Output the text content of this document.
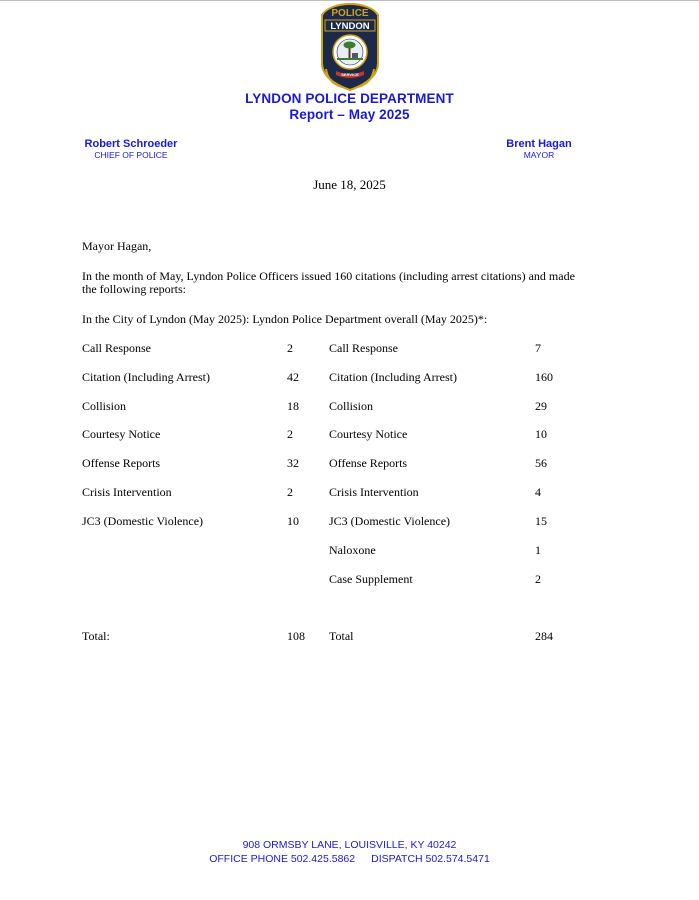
POLICE
LYNDON
SERVICE
LYNDON POLICE DEPARTMENT
Report – May 2025
Robert Schroeder
CHIEF OF POLICE
Brent Hagan
MAYOR
June 18, 2025
Mayor Hagan,
In the month of May, Lyndon Police Officers issued 160 citations (including arrest citations) and made
the following reports:
In the City of Lyndon (May 2025): Lyndon Police Department overall (May 2025)*:
Call Response	2
Citation (Including Arrest)	42
Collision	18
Courtesy Notice	2
Offense Reports	32
Crisis Intervention	2
JC3 (Domestic Violence)	10
Call Response	7
Citation (Including Arrest)	160
Collision	29
Courtesy Notice	10
Offense Reports	56
Crisis Intervention	4
JC3 (Domestic Violence)	15
Naloxone	1
Case Supplement	2
Total:	108 Total	284
908 ORMSBY LANE, LOUISVILLE, KY 40242
OFFICE PHONE 502.425.5862 DISPATCH 502.574.5471
